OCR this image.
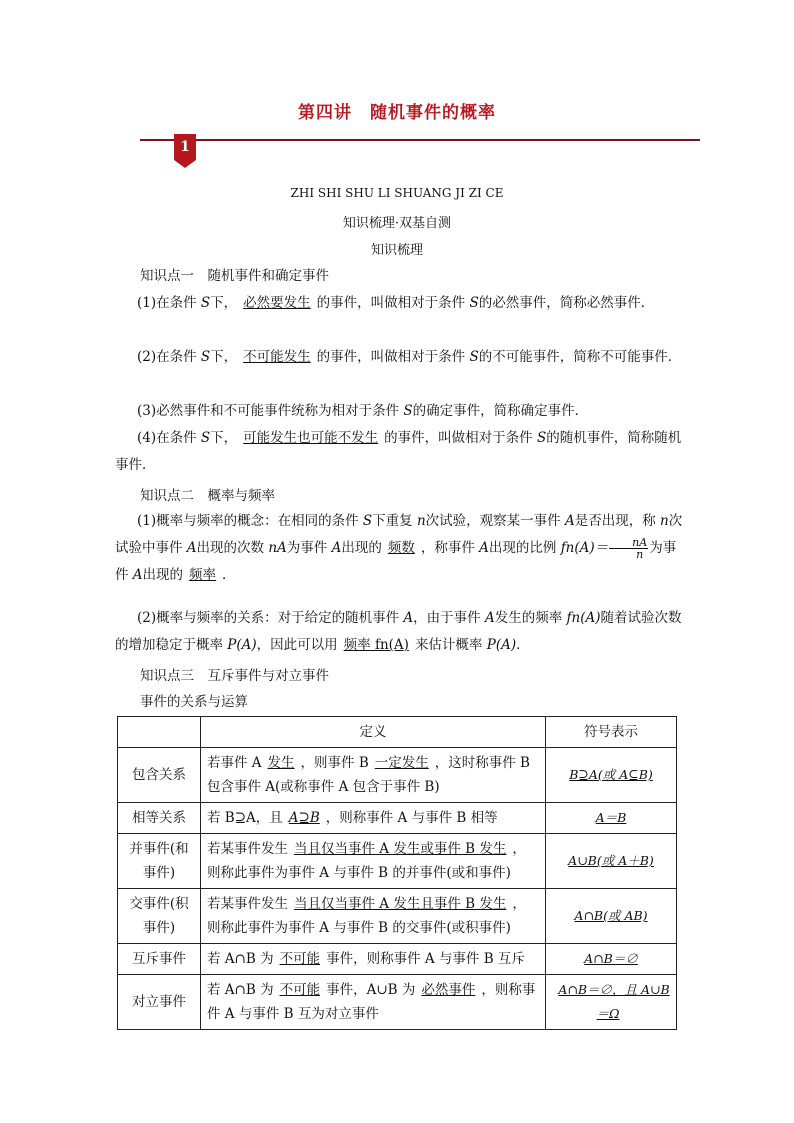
第四讲　随机事件的概率
1
ZHI SHI SHU LI SHUANG JI ZI CE
知识梳理·双基自测
知识梳理
知识点一　随机事件和确定事件

(1)在条件 S下， 必然要发生 的事件，叫做相对于条件 S的必然事件，简称必然事件．

(2)在条件 S下， 不可能发生 的事件，叫做相对于条件 S的不可能事件，简称不可能事件．

(3)必然事件和不可能事件统称为相对于条件 S的确定事件，简称确定事件．

(4)在条件 S下， 可能发生也可能不发生 的事件，叫做相对于条件 S的随机事件，简称随机事件．

知识点二　概率与频率

(1)概率与频率的概念：在相同的条件 S下重复 n次试验，观察某一事件 A是否出现，称 n次试验中事件 A出现的次数 nA为事件 A出现的 频数 ，称事件 A出现的比例 $fn(A)= \frac{nA}{n}$ 为事件 A出现的 频率 ．

(2)概率与频率的关系：对于给定的随机事件 A，由于事件 A发生的频率 fn(A)随着试验次数的增加稳定于概率 P(A)，因此可以用 频率 fn(A) 来估计概率 P(A)．

知识点三　互斥事件与对立事件
事件的关系与运算
	定义	符号表示
包含关系	若事件 A 发生 ，则事件 B 一定发生 ，这时称事件 B 包含事件 A(或称事件 A 包含于事件 B)	B⊇A(或 A⊆B)
相等关系	若 B⊇A，且 A⊇B ，则称事件 A 与事件 B 相等	A＝B
并事件(和事件)	若某事件发生 当且仅当事件 A 发生或事件 B 发生 ，则称此事件为事件 A 与事件 B 的并事件(或和事件)	A∪B(或 A＋B)
交事件(积事件)	若某事件发生 当且仅当事件 A 发生且事件 B 发生 ，则称此事件为事件 A 与事件 B 的交事件(或积事件)	A∩B(或 AB)
互斥事件	若 A∩B 为 不可能 事件，则称事件 A 与事件 B 互斥	A∩B＝∅
对立事件	若 A∩B 为 不可能 事件，A∪B 为 必然事件 ，则称事件 A 与事件 B 互为对立事件	A∩B＝∅，且 A∪B＝Ω
